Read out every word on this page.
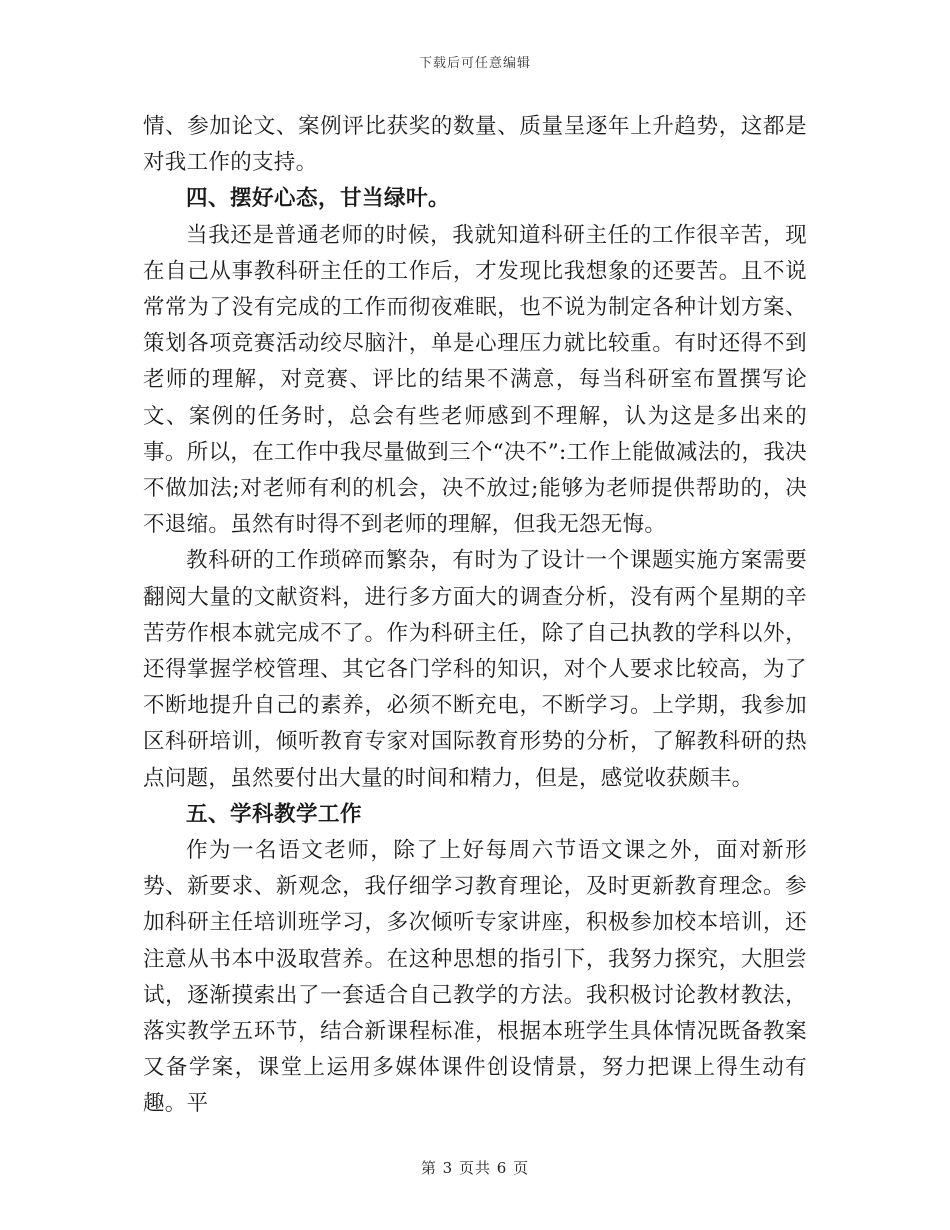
下载后可任意编辑

情、参加论文、案例评比获奖的数量、质量呈逐年上升趋势，这都是对我工作的支持。

四、摆好心态，甘当绿叶。

当我还是普通老师的时候，我就知道科研主任的工作很辛苦，现在自己从事教科研主任的工作后，才发现比我想象的还要苦。且不说常常为了没有完成的工作而彻夜难眠，也不说为制定各种计划方案、策划各项竞赛活动绞尽脑汁，单是心理压力就比较重。有时还得不到老师的理解，对竞赛、评比的结果不满意，每当科研室布置撰写论文、案例的任务时，总会有些老师感到不理解，认为这是多出来的事。所以，在工作中我尽量做到三个“决不”:工作上能做减法的，我决不做加法;对老师有利的机会，决不放过;能够为老师提供帮助的，决不退缩。虽然有时得不到老师的理解，但我无怨无悔。

教科研的工作琐碎而繁杂，有时为了设计一个课题实施方案需要翻阅大量的文献资料，进行多方面大的调查分析，没有两个星期的辛苦劳作根本就完成不了。作为科研主任，除了自己执教的学科以外，还得掌握学校管理、其它各门学科的知识，对个人要求比较高，为了不断地提升自己的素养，必须不断充电，不断学习。上学期，我参加区科研培训，倾听教育专家对国际教育形势的分析，了解教科研的热点问题，虽然要付出大量的时间和精力，但是，感觉收获颇丰。

五、学科教学工作

作为一名语文老师，除了上好每周六节语文课之外，面对新形势、新要求、新观念，我仔细学习教育理论，及时更新教育理念。参加科研主任培训班学习，多次倾听专家讲座，积极参加校本培训，还注意从书本中汲取营养。在这种思想的指引下，我努力探究，大胆尝试，逐渐摸索出了一套适合自己教学的方法。我积极讨论教材教法，落实教学五环节，结合新课程标准，根据本班学生具体情况既备教案又备学案，课堂上运用多媒体课件创设情景，努力把课上得生动有趣。平

第 3 页共 6 页
